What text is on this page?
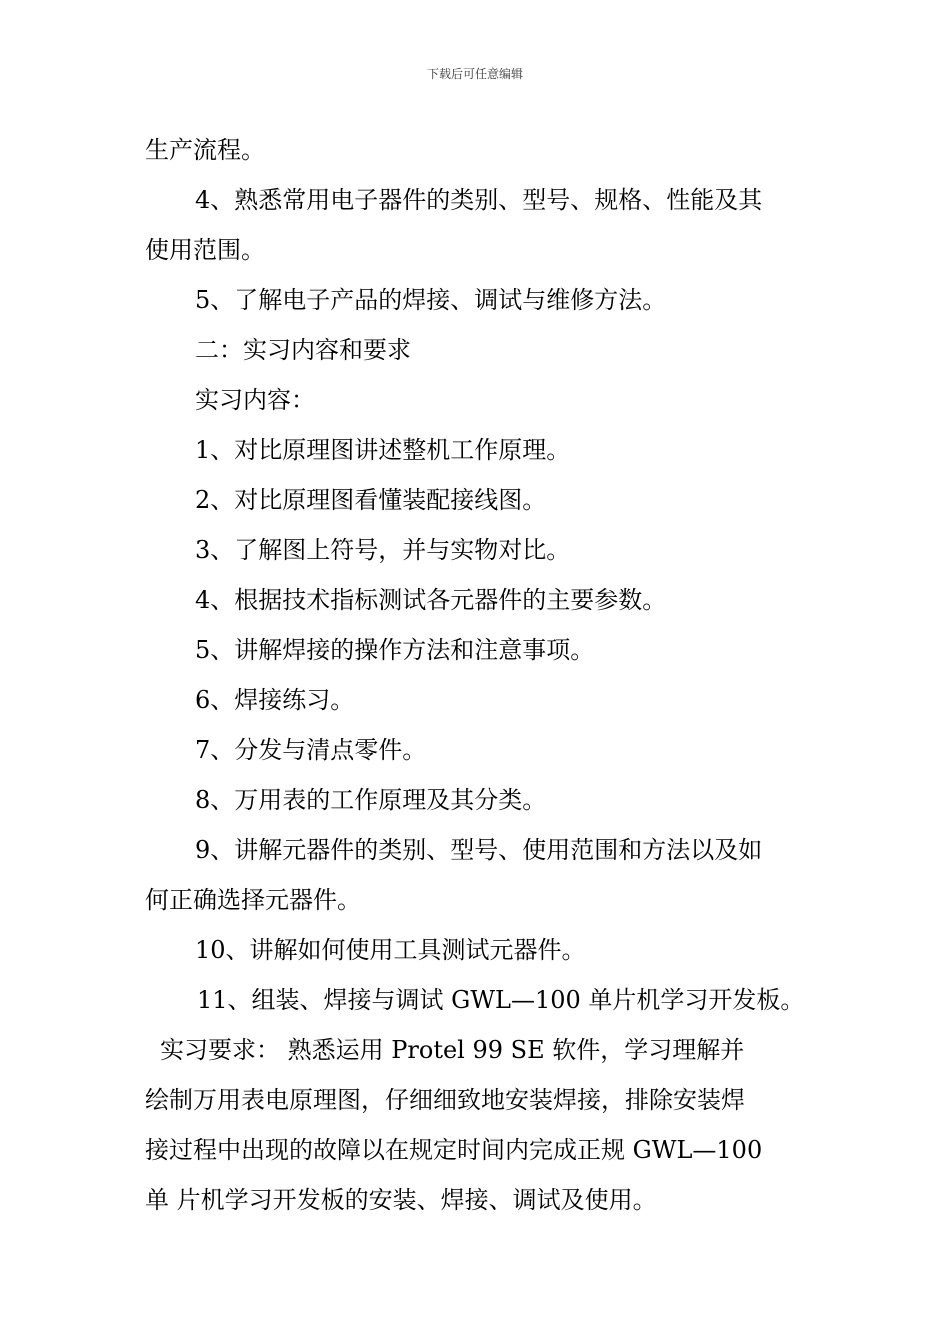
下载后可任意编辑
生产流程。
4、熟悉常用电子器件的类别、型号、规格、性能及其
使用范围。
5、了解电子产品的焊接、调试与维修方法。
二：实习内容和要求
实习内容：
1、对比原理图讲述整机工作原理。
2、对比原理图看懂装配接线图。
3、了解图上符号，并与实物对比。
4、根据技术指标测试各元器件的主要参数。
5、讲解焊接的操作方法和注意事项。
6、焊接练习。
7、分发与清点零件。
8、万用表的工作原理及其分类。
9、讲解元器件的类别、型号、使用范围和方法以及如
何正确选择元器件。
10、讲解如何使用工具测试元器件。
11、组装、焊接与调试 GWL—100 单片机学习开发板。
实习要求： 熟悉运用 Protel 99 SE 软件，学习理解并
绘制万用表电原理图，仔细细致地安装焊接，排除安装焊
接过程中出现的故障以在规定时间内完成正规 GWL—100
单 片机学习开发板的安装、焊接、调试及使用。
